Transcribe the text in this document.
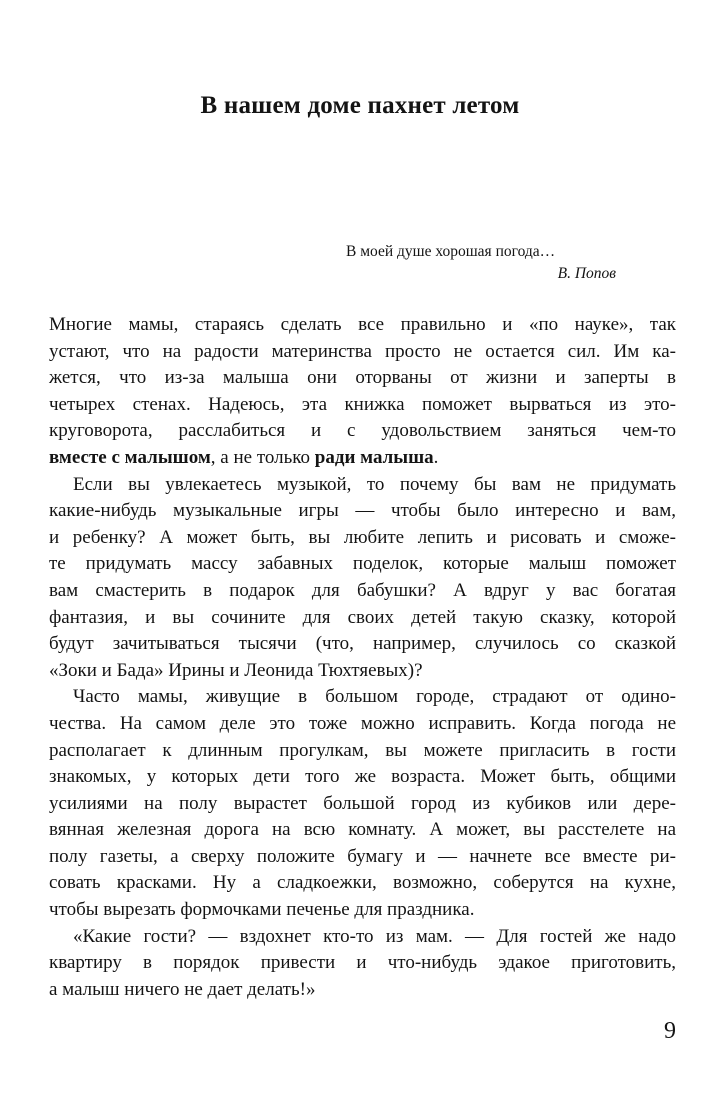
В нашем доме пахнет летом
В моей душе хорошая погода…
В. Попов
Многие мамы, стараясь сделать все правильно и «по науке», так
устают, что на радости материнства просто не остается сил. Им ка-
жется, что из-за малыша они оторваны от жизни и заперты в
четырех стенах. Надеюсь, эта книжка поможет вырваться из это-
круговорота, расслабиться и с удовольствием заняться чем-то
вместе с малышом, а не только ради малыша.
Если вы увлекаетесь музыкой, то почему бы вам не придумать
какие-нибудь музыкальные игры — чтобы было интересно и вам,
и ребенку? А может быть, вы любите лепить и рисовать и сможе-
те придумать массу забавных поделок, которые малыш поможет
вам смастерить в подарок для бабушки? А вдруг у вас богатая
фантазия, и вы сочините для своих детей такую сказку, которой
будут зачитываться тысячи (что, например, случилось со сказкой
«Зоки и Бада» Ирины и Леонида Тюхтяевых)?
Часто мамы, живущие в большом городе, страдают от одино-
чества. На самом деле это тоже можно исправить. Когда погода не
располагает к длинным прогулкам, вы можете пригласить в гости
знакомых, у которых дети того же возраста. Может быть, общими
усилиями на полу вырастет большой город из кубиков или дере-
вянная железная дорога на всю комнату. А может, вы расстелете на
полу газеты, а сверху положите бумагу и — начнете все вместе ри-
совать красками. Ну а сладкоежки, возможно, соберутся на кухне,
чтобы вырезать формочками печенье для праздника.
«Какие гости? — вздохнет кто-то из мам. — Для гостей же надо
квартиру в порядок привести и что-нибудь эдакое приготовить,
а малыш ничего не дает делать!»
9
